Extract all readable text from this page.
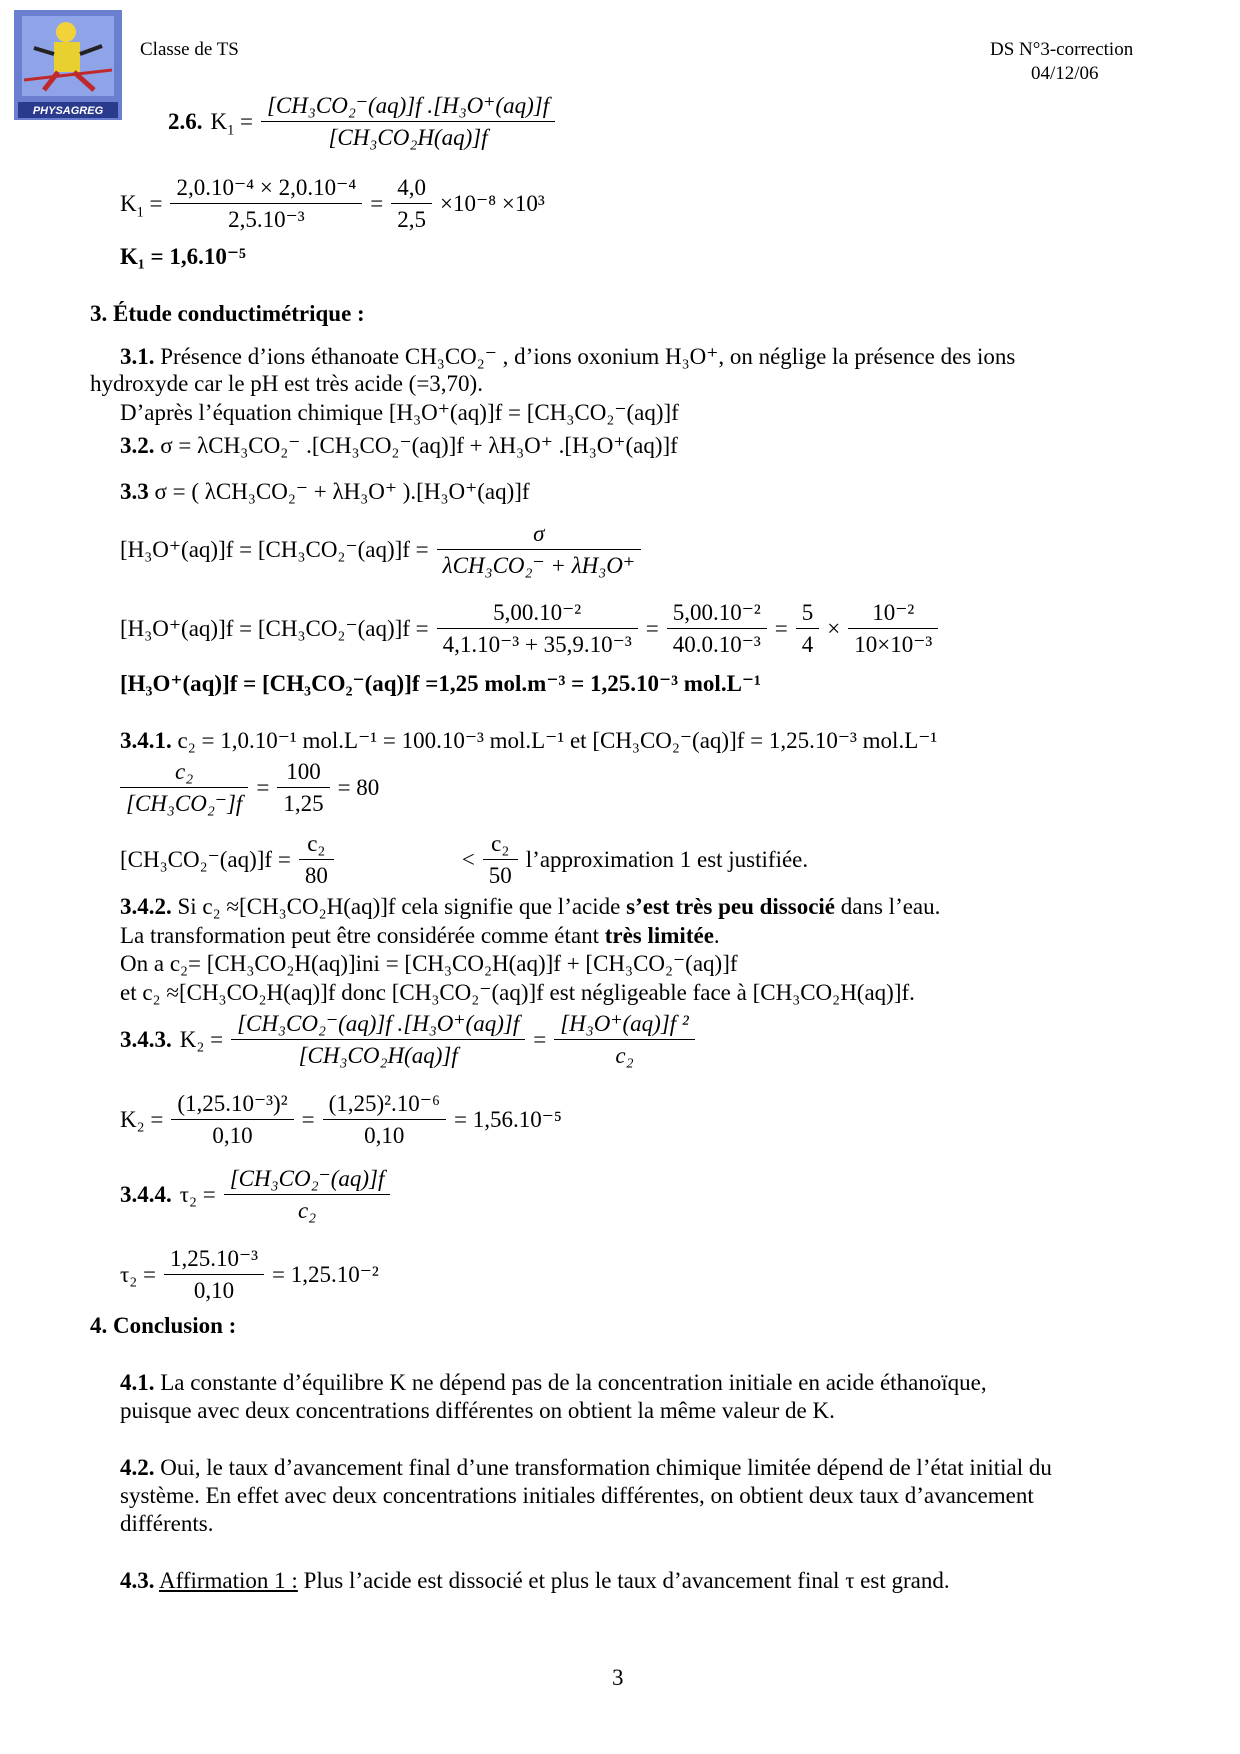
PHYSAGREG
Classe de TS	DS N°3-correction
04/12/06
2.6. $K_1 = \frac{\text{[CH₃CO₂⁻(aq)]f .[H₃O⁺(aq)]f}}{\text{[CH₃CO₂H(aq)]f}}$
$K_1 = \frac{\text{2,0.10⁻⁴ × 2,0.10⁻⁴}}{\text{2,5.10⁻³}} = \frac{4,0}{2,5} \times 10^{-8} \times 10^3$
K₁ = 1,6.10⁻⁵
3. Étude conductimétrique :
3.1. Présence d’ions éthanoate CH₃CO₂⁻ , d’ions oxonium H₃O⁺, on néglige la présence des ions
hydroxyde car le pH est très acide (=3,70).
D’après l’équation chimique [H₃O⁺(aq)]f = [CH₃CO₂⁻(aq)]f
3.2. σ = λCH₃CO₂⁻ .[CH₃CO₂⁻(aq)]f + λH₃O⁺ .[H₃O⁺(aq)]f
3.3 σ = ( λCH₃CO₂⁻ + λH₃O⁺ ).[H₃O⁺(aq)]f
$[H_3O^+(aq)]f = [CH_3CO_2^-(aq)]f = \frac{\sigma}{\text{λCH₃CO₂⁻ + λH₃O⁺}}$
$[H_3O^+(aq)]f = [CH_3CO_2^-(aq)]f = \frac{\text{5,00.10⁻²}}{\text{4,1.10⁻³ + 35,9.10⁻³}} = \frac{\text{5,00.10⁻²}}{\text{40.0.10⁻³}} = \frac{5}{4} \times \frac{\text{10⁻²}}{\text{10×10⁻³}}$
[H₃O⁺(aq)]f = [CH₃CO₂⁻(aq)]f =1,25 mol.m⁻³ = 1,25.10⁻³ mol.L⁻¹
3.4.1. c₂ = 1,0.10⁻¹ mol.L⁻¹ = 100.10⁻³ mol.L⁻¹ et [CH₃CO₂⁻(aq)]f = 1,25.10⁻³ mol.L⁻¹
$\frac{\text{c₂}}{\text{[CH₃CO₂⁻]f}} = \frac{100}{1,25} = 80$
$[CH_3CO_2^-(aq)]f = \frac{\text{c₂}}{80}$	< $\frac{\text{c₂}}{50}$ l’approximation 1 est justifiée.
3.4.2. Si c₂ ≈[CH₃CO₂H(aq)]f cela signifie que l’acide s’est très peu dissocié dans l’eau.
La transformation peut être considérée comme étant très limitée.
On a c₂= [CH₃CO₂H(aq)]ini = [CH₃CO₂H(aq)]f + [CH₃CO₂⁻(aq)]f
et c₂ ≈[CH₃CO₂H(aq)]f donc [CH₃CO₂⁻(aq)]f est négligeable face à [CH₃CO₂H(aq)]f.
3.4.3. $K_2 = \frac{\text{[CH₃CO₂⁻(aq)]f .[H₃O⁺(aq)]f}}{\text{[CH₃CO₂H(aq)]f}} = \frac{\text{[H₃O⁺(aq)]f ²}}{\text{c₂}}$
$K_2 = \frac{\text{(1,25.10⁻³)²}}{0,10} = \frac{\text{(1,25)².10⁻⁶}}{0,10} = 1,56.10^{-5}$
3.4.4. $\tau_2 = \frac{\text{[CH₃CO₂⁻(aq)]f}}{\text{c₂}}$
$\tau_2 = \frac{\text{1,25.10⁻³}}{0,10} = 1,25.10^{-2}$
4. Conclusion :
4.1. La constante d’équilibre K ne dépend pas de la concentration initiale en acide éthanoïque,
puisque avec deux concentrations différentes on obtient la même valeur de K.
4.2. Oui, le taux d’avancement final d’une transformation chimique limitée dépend de l’état initial du
système. En effet avec deux concentrations initiales différentes, on obtient deux taux d’avancement
différents.
4.3. Affirmation 1 : Plus l’acide est dissocié et plus le taux d’avancement final τ est grand.
3
